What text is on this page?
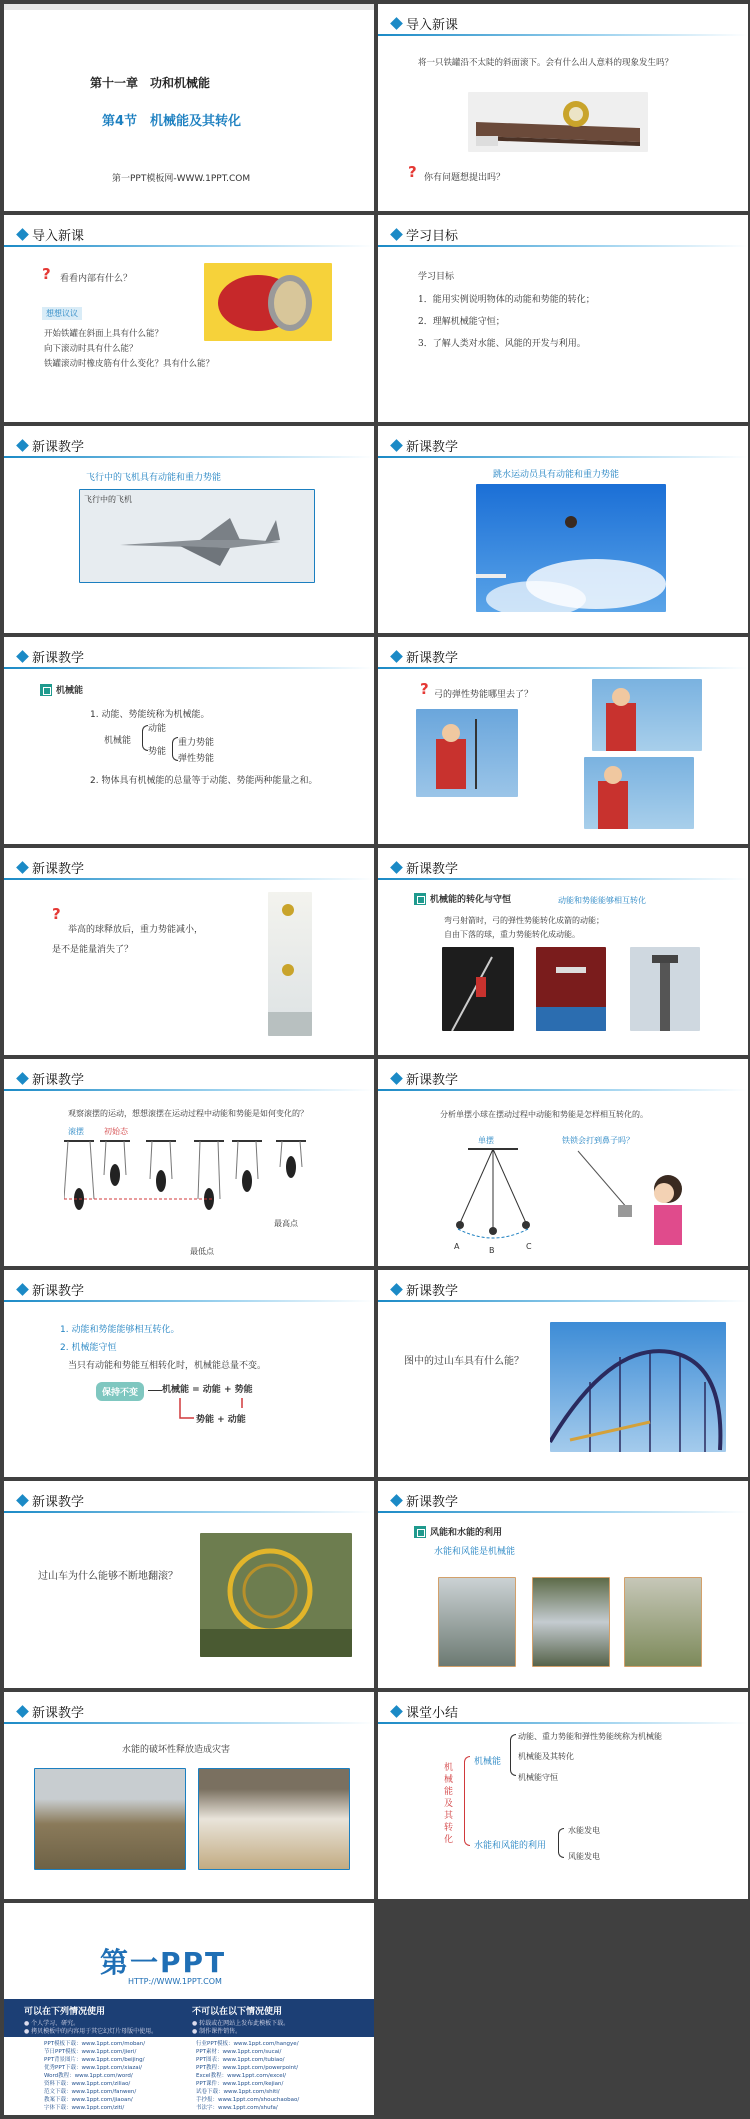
第十一章　功和机械能
第4节　机械能及其转化
第一PPT模板网-WWW.1PPT.COM
导入新课
将一只铁罐沿不太陡的斜面滚下。会有什么出人意料的现象发生吗？
? 你有问题想提出吗？
导入新课
?	看看内部有什么？
想想议议
开始铁罐在斜面上具有什么能？
向下滚动时具有什么能？
铁罐滚动时橡皮筋有什么变化？具有什么能？
学习目标
学习目标
1．能用实例说明物体的动能和势能的转化；
2．理解机械能守恒；
3．了解人类对水能、风能的开发与利用。
新课教学
飞行中的飞机具有动能和重力势能
飞行中的飞机
新课教学
跳水运动员具有动能和重力势能
新课教学
机械能
1. 动能、势能统称为机械能。
机械能
动能
势能
重力势能
弹性势能
2. 物体具有机械能的总量等于动能、势能两种能量之和。
新课教学
? 弓的弹性势能哪里去了？
新课教学
?
举高的球释放后，重力势能减小，
是不是能量消失了？
新课教学
机械能的转化与守恒	动能和势能能够相互转化
弯弓射箭时，弓的弹性势能转化成箭的动能；
自由下落的球，重力势能转化成动能。
新课教学
观察滚摆的运动，想想滚摆在运动过程中动能和势能是如何变化的？
滚摆	初始态
最高点
最低点
新课教学
分析单摆小球在摆动过程中动能和势能是怎样相互转化的。
单摆	铁锁会打到鼻子吗？
A	B	C
新课教学
1. 动能和势能能够相互转化。
2. 机械能守恒
当只有动能和势能互相转化时，机械能总量不变。
保持不变	机械能 = 动能 + 势能
势能 + 动能
新课教学
图中的过山车具有什么能？
新课教学
过山车为什么能够不断地翻滚？
新课教学
风能和水能的利用
水能和风能是机械能
新课教学
水能的破坏性释放造成灾害
课堂小结
机械能及其转化
机械能
动能、重力势能和弹性势能统称为机械能
机械能及其转化
机械能守恒
水能和风能的利用
水能发电
风能发电
第一PPT
HTTP://WWW.1PPT.COM
可以在下列情况使用	不可以在以下情况使用
● 个人学习、研究。
● 拷贝模板中的内容用于其它幻灯片母版中使用。
● 转载或在网站上发布此模板下载。
● 制作课件销售。
PPT模板下载：www.1ppt.com/moban/
节日PPT模板：www.1ppt.com/jieri/
PPT背景图片：www.1ppt.com/beijing/
优秀PPT下载：www.1ppt.com/xiazai/
Word教程：www.1ppt.com/word/
资料下载：www.1ppt.com/ziliao/
范文下载：www.1ppt.com/fanwen/
教案下载：www.1ppt.com/jiaoan/
字体下载：www.1ppt.com/ziti/
行业PPT模板：www.1ppt.com/hangye/
PPT素材：www.1ppt.com/sucai/
PPT图表：www.1ppt.com/tubiao/
PPT教程：www.1ppt.com/powerpoint/
Excel教程：www.1ppt.com/excel/
PPT课件：www.1ppt.com/kejian/
试卷下载：www.1ppt.com/shiti/
手抄报：www.1ppt.com/shouchaobao/
书法字：www.1ppt.com/shufa/
